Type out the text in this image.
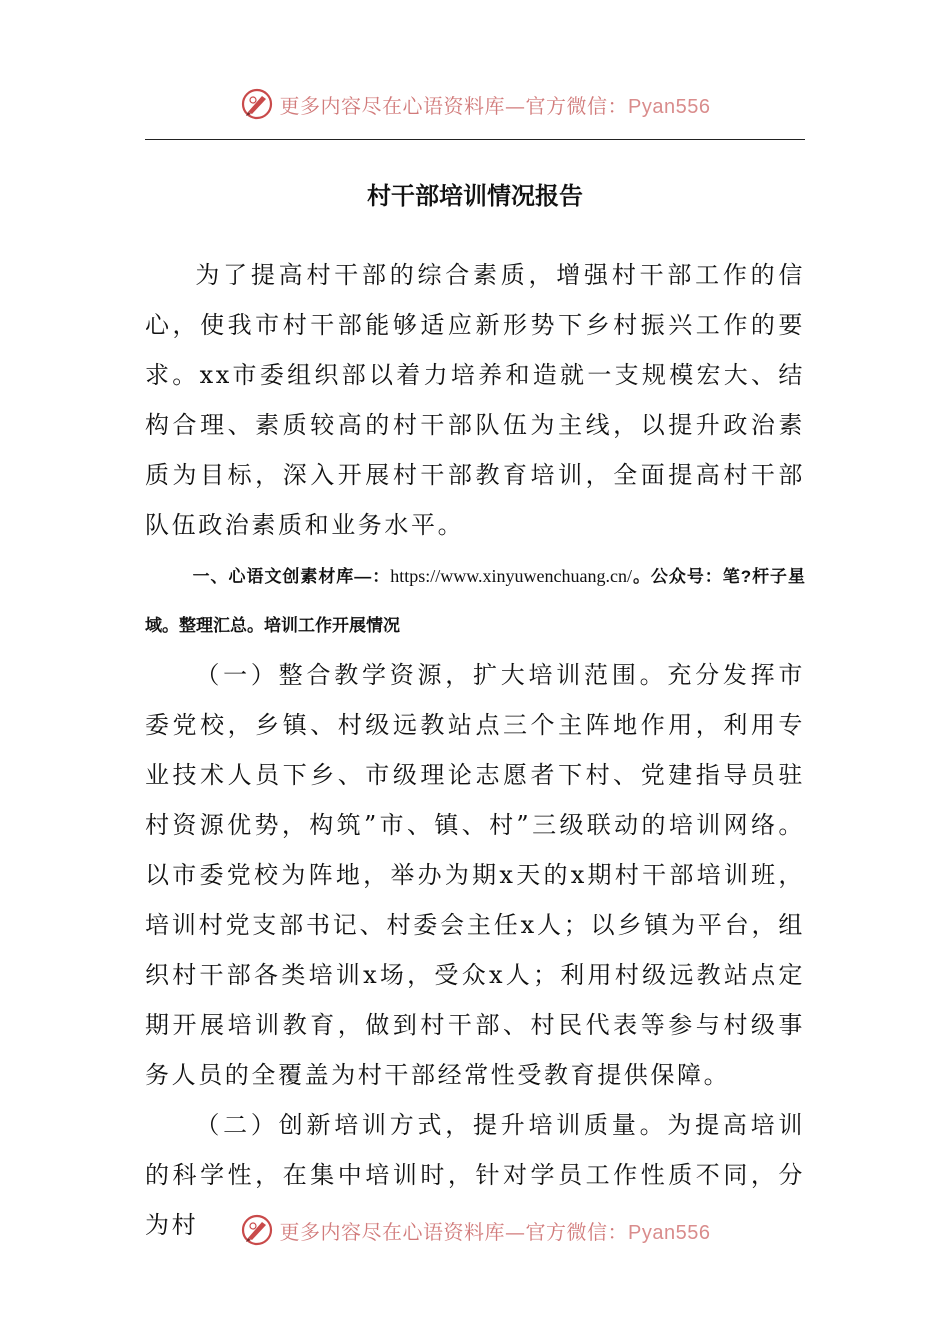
更多内容尽在心语资料库—官方微信：Pyan556
村干部培训情况报告

为了提高村干部的综合素质，增强村干部工作的信心，使我市村干部能够适应新形势下乡村振兴工作的要求。xx市委组织部以着力培养和造就一支规模宏大、结构合理、素质较高的村干部队伍为主线，以提升政治素质为目标，深入开展村干部教育培训，全面提高村干部队伍政治素质和业务水平。

一、心语文创素材库—：https://www.xinyuwenchuang.cn/。公众号：笔?杆子星域。整理汇总。培训工作开展情况

（一）整合教学资源，扩大培训范围。充分发挥市委党校，乡镇、村级远教站点三个主阵地作用，利用专业技术人员下乡、市级理论志愿者下村、党建指导员驻村资源优势，构筑”市、镇、村”三级联动的培训网络。以市委党校为阵地，举办为期x天的x期村干部培训班，培训村党支部书记、村委会主任x人；以乡镇为平台，组织村干部各类培训x场，受众x人；利用村级远教站点定期开展培训教育，做到村干部、村民代表等参与村级事务人员的全覆盖为村干部经常性受教育提供保障。

（二）创新培训方式，提升培训质量。为提高培训的科学性，在集中培训时，针对学员工作性质不同，分为村	更多内容尽在心语资料库—官方微信：Pyan556
